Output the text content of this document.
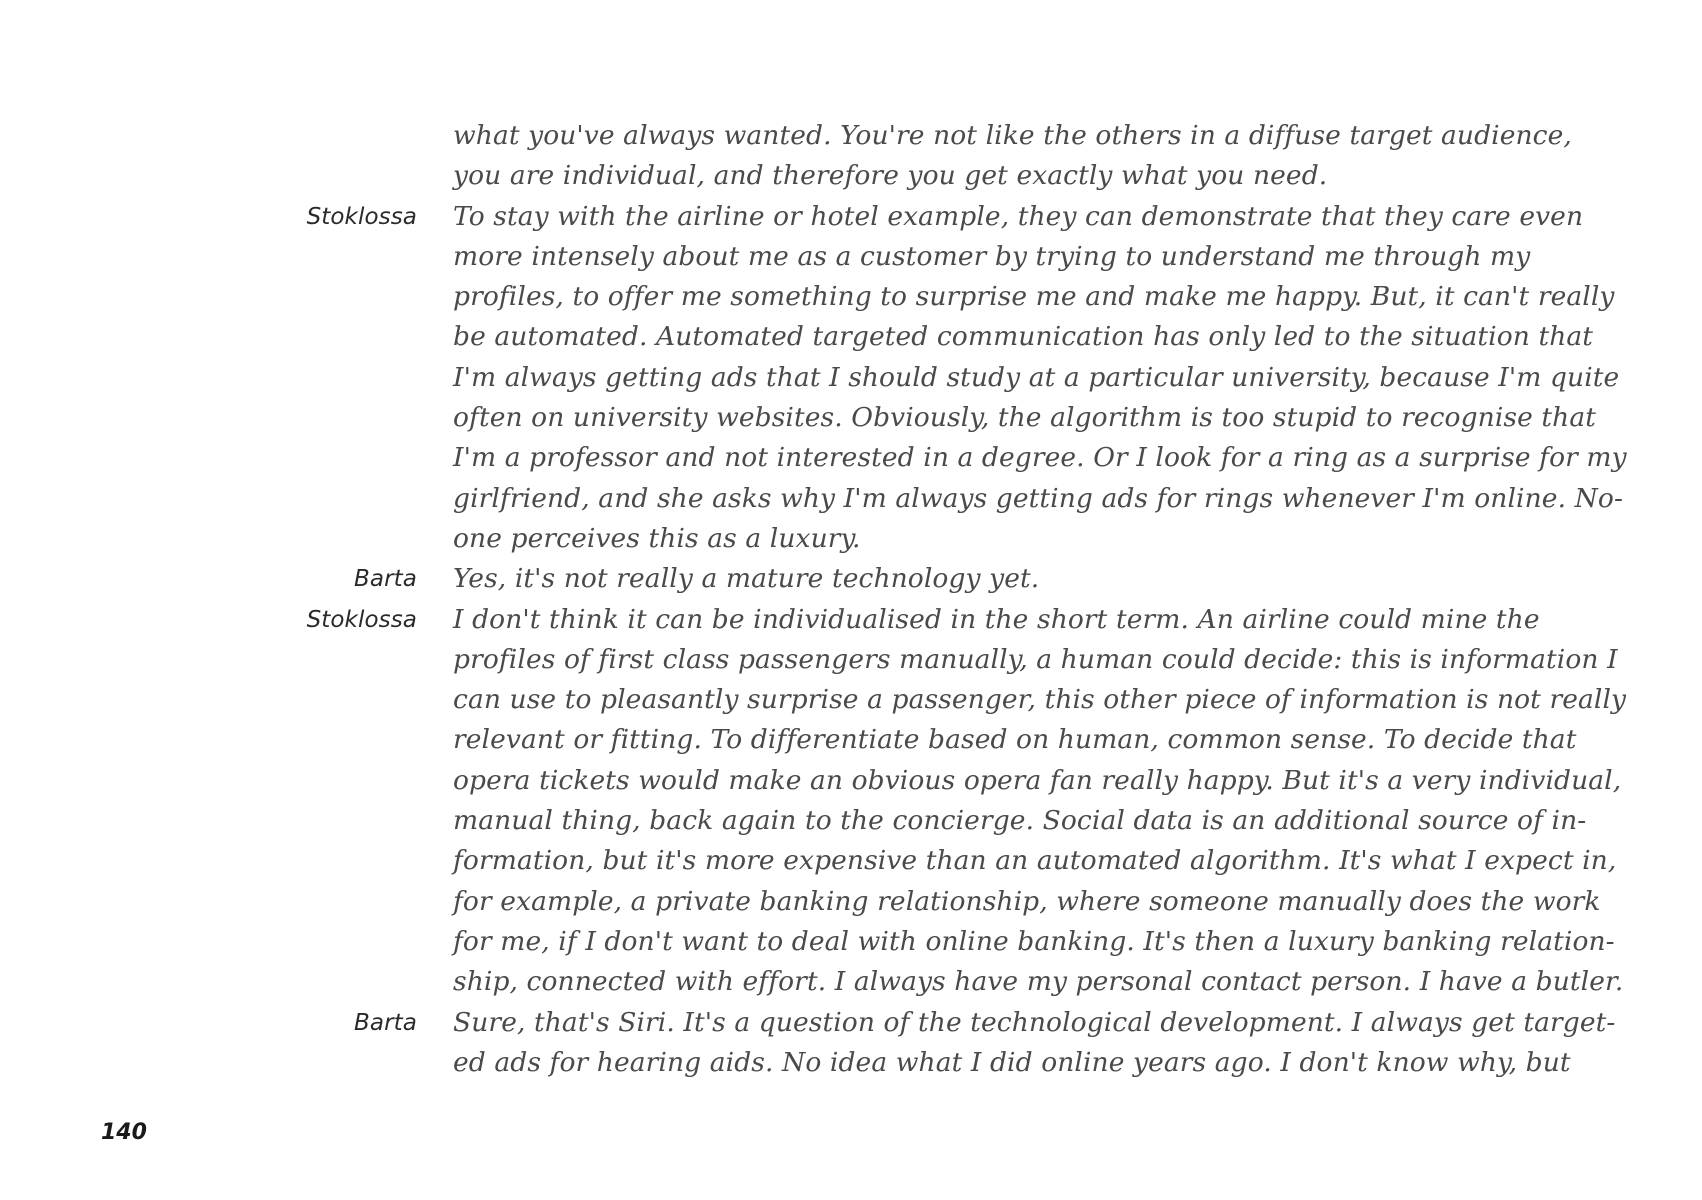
what you've always wanted. You're not like the others in a diffuse target audience,
you are individual, and therefore you get exactly what you need.
Stoklossa To stay with the airline or hotel example, they can demonstrate that they care even
more intensely about me as a customer by trying to understand me through my
profiles, to offer me something to surprise me and make me happy. But, it can't really
be automated. Automated targeted communication has only led to the situation that
I'm always getting ads that I should study at a particular university, because I'm quite
often on university websites. Obviously, the algorithm is too stupid to recognise that
I'm a professor and not interested in a degree. Or I look for a ring as a surprise for my
girlfriend, and she asks why I'm always getting ads for rings whenever I'm online. No-
one perceives this as a luxury.
Barta Yes, it's not really a mature technology yet.
Stoklossa I don't think it can be individualised in the short term. An airline could mine the
profiles of first class passengers manually, a human could decide: this is information I
can use to pleasantly surprise a passenger, this other piece of information is not really
relevant or fitting. To differentiate based on human, common sense. To decide that
opera tickets would make an obvious opera fan really happy. But it's a very individual,
manual thing, back again to the concierge. Social data is an additional source of in-
formation, but it's more expensive than an automated algorithm. It's what I expect in,
for example, a private banking relationship, where someone manually does the work
for me, if I don't want to deal with online banking. It's then a luxury banking relation-
ship, connected with effort. I always have my personal contact person. I have a butler.
Barta Sure, that's Siri. It's a question of the technological development. I always get target-
ed ads for hearing aids. No idea what I did online years ago. I don't know why, but
140
